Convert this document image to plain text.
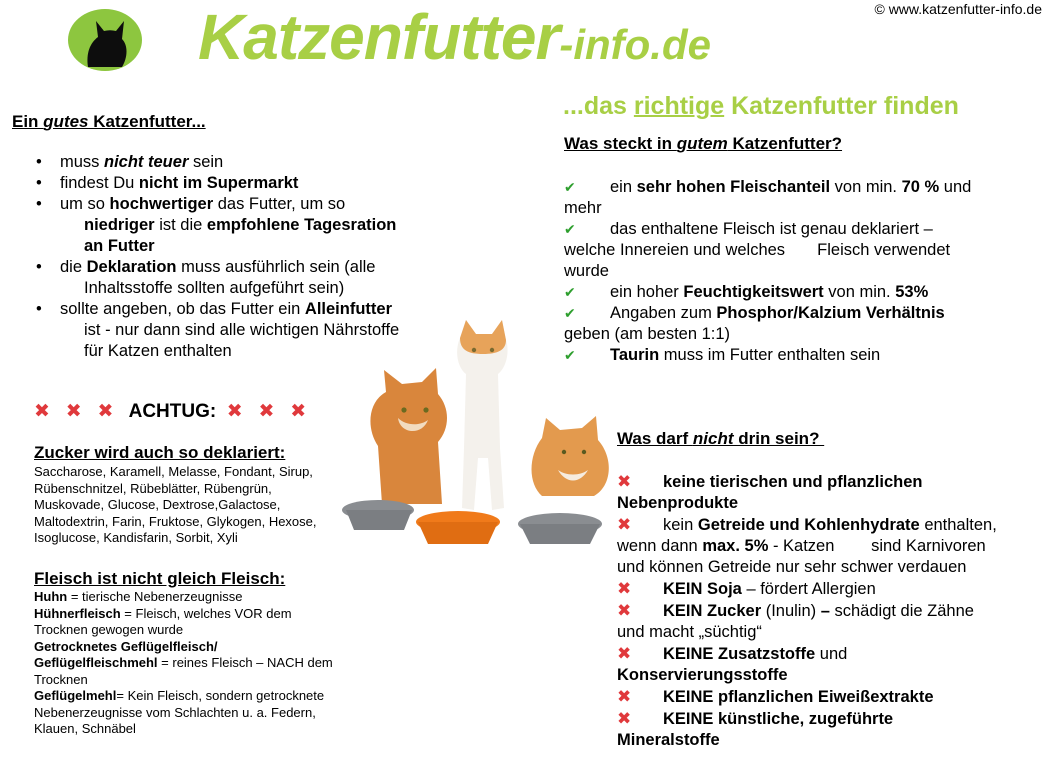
© www.katzenfutter-info.de
Katzenfutter-info.de
...das richtige Katzenfutter finden
Ein gutes Katzenfutter...
• muss nicht teuer sein
• findest Du nicht im Supermarkt
• um so hochwertiger das Futter, um so
niedriger ist die empfohlene Tagesration an Futter
• die Deklaration muss ausführlich sein (alle
Inhaltsstoffe sollten aufgeführt sein)
• sollte angeben, ob das Futter ein Alleinfutter
ist - nur dann sind alle wichtigen Nährstoffe
für Katzen enthalten
✖ ✖ ✖ ACHTUG: ✖ ✖ ✖
Zucker wird auch so deklariert:
Saccharose, Karamell, Melasse, Fondant, Sirup,
Rübenschnitzel, Rübeblätter, Rübengrün,
Muskovade, Glucose, Dextrose,Galactose,
Maltodextrin, Farin, Fruktose, Glykogen, Hexose,
Isoglucose, Kandisfarin, Sorbit, Xyli
Fleisch ist nicht gleich Fleisch:
Huhn = tierische Nebenerzeugnisse
Hühnerfleisch = Fleisch, welches VOR dem
Trocknen gewogen wurde
Getrocknetes Geflügelfleisch/
Geflügelfleischmehl = reines Fleisch – NACH dem
Trocknen
Geflügelmehl= Kein Fleisch, sondern getrocknete
Nebenerzeugnisse vom Schlachten u. a. Federn,
Klauen, Schnäbel
Was steckt in gutem Katzenfutter?
✔ ein sehr hohen Fleischanteil von min. 70 % und
mehr
✔ das enthaltene Fleisch ist genau deklariert –
welche Innereien und welches       Fleisch verwendet
wurde
✔ ein hoher Feuchtigkeitswert von min. 53%
✔ Angaben zum Phosphor/Kalzium Verhältnis
geben (am besten 1:1)
✔ Taurin muss im Futter enthalten sein
Was darf nicht drin sein?
✖ keine tierischen und pflanzlichen
Nebenprodukte
✖ kein Getreide und Kohlenhydrate enthalten,
wenn dann max. 5% - Katzen        sind Karnivoren
und können Getreide nur sehr schwer verdauen
✖ KEIN Soja – fördert Allergien
✖ KEIN Zucker (Inulin) – schädigt die Zähne
und macht „süchtig“
✖ KEINE Zusatzstoffe und
Konservierungsstoffe
✖ KEINE pflanzlichen Eiweißextrakte
✖ KEINE künstliche, zugeführte
Mineralstoffe
